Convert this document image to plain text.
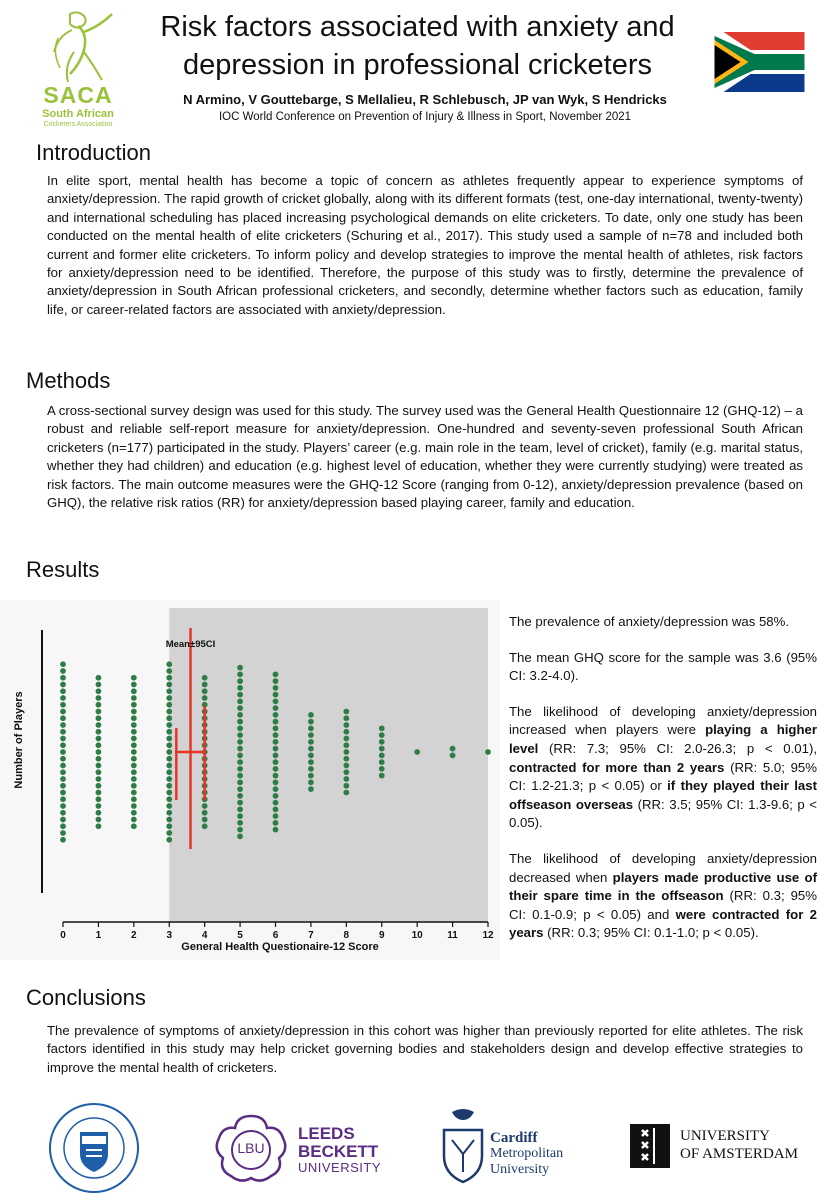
SACA
South African
Cricketers Association
Risk factors associated with anxiety and
depression in professional cricketers
N Armino, V Gouttebarge, S Mellalieu, R Schlebusch, JP van Wyk, S Hendricks
IOC World Conference on Prevention of Injury & Illness in Sport, November 2021
Introduction
In elite sport, mental health has become a topic of concern as athletes frequently appear to experience symptoms of anxiety/depression. The rapid growth of cricket globally, along with its different formats (test, one-day international, twenty-twenty) and international scheduling has placed increasing psychological demands on elite cricketers. To date, only one study has been conducted on the mental health of elite cricketers (Schuring et al., 2017). This study used a sample of n=78 and included both current and former elite cricketers. To inform policy and develop strategies to improve the mental health of athletes, risk factors for anxiety/depression need to be identified. Therefore, the purpose of this study was to firstly, determine the prevalence of anxiety/depression in South African professional cricketers, and secondly, determine whether factors such as education, family life, or career-related factors are associated with anxiety/depression.
Methods
A cross-sectional survey design was used for this study. The survey used was the General Health Questionnaire 12 (GHQ-12) – a robust and reliable self-report measure for anxiety/depression. One-hundred and seventy-seven professional South African cricketers (n=177) participated in the study. Players’ career (e.g. main role in the team, level of cricket), family (e.g. marital status, whether they had children) and education (e.g. highest level of education, whether they were currently studying) were treated as risk factors. The main outcome measures were the GHQ-12 Score (ranging from 0-12), anxiety/depression prevalence (based on GHQ), the relative risk ratios (RR) for anxiety/depression based playing career, family and education.
Results
0	1	2	3	4	5	6	7	8	9	10 11 12
Mean±95CI
General Health Questionaire-12 Score
Number of Players

The prevalence of anxiety/depression was 58%.

The mean GHQ score for the sample was 3.6 (95% CI: 3.2-4.0).

The likelihood of developing anxiety/depression increased when players were playing a higher level (RR: 7.3; 95% CI: 2.0-26.3; p < 0.01), contracted for more than 2 years (RR: 5.0; 95% CI: 1.2-21.3; p < 0.05) or if they played their last offseason overseas (RR: 3.5; 95% CI: 1.3-9.6; p < 0.05).

The likelihood of developing anxiety/depression decreased when players made productive use of their spare time in the offseason (RR: 0.3; 95% CI: 0.1-0.9; p < 0.05) and were contracted for 2 years (RR: 0.3; 95% CI: 0.1-1.0; p < 0.05).

Conclusions
The prevalence of symptoms of anxiety/depression in this cohort was higher than previously reported for elite athletes. The risk factors identified in this study may help cricket governing bodies and stakeholders design and develop effective strategies to improve the mental health of cricketers.
LBU
LEEDS
BECKETT
UNIVERSITY
Cardiff
Metropolitan
University
UNIVERSITY
OF AMSTERDAM
